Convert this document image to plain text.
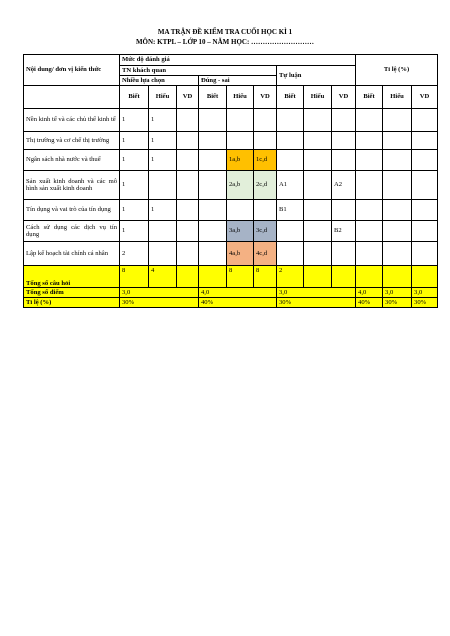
MA TRẬN ĐỀ KIỂM TRA CUỐI HỌC KÌ 1
MÔN: KTPL – LỚP 10 – NĂM HỌC: ………………………
Nội dung/ đơn vị kiến thức	Mức độ đánh giá									Tỉ lệ (%)		
	TN khách quan						Tự luận					
	Nhiều lựa chọn			Đúng - sai								
	Biết	Hiểu	VD	Biết	Hiểu	VD	Biết	Hiểu	VD	Biết	Hiểu	VD
Nền kinh tế và các chủ thể kinh tế	1	1										
Thị trường và cơ chế thị trường	1	1										
Ngân sách nhà nước và thuế	1	1			1a,b	1c,d						
Sản xuất kinh doanh và các mô hình sản xuất kinh doanh	1				2a,b	2c,d	A1		A2			
Tín dụng và vai trò của tín dụng	1	1					B1					
Cách sử dụng các dịch vụ tín dụng	1				3a,b	3c,d			B2			
Lập kế hoạch tài chính cá nhân	2				4a,b	4c,d						
Tổng số câu hỏi	8	4			8	8	2					
Tổng số điểm	3,0			4,0			3,0			4,0	3,0	3,0
Tỉ lệ (%)	30%			40%			30%			40%	30%	30%
